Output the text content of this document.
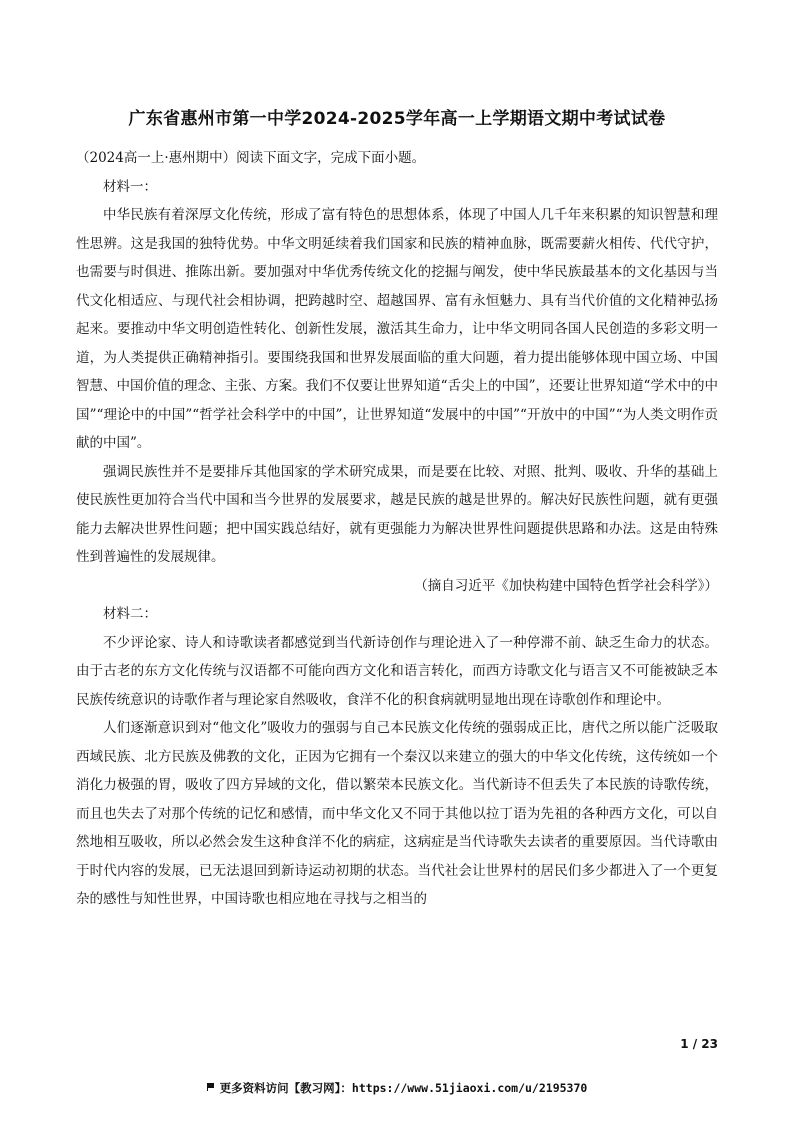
广东省惠州市第一中学2024-2025学年高一上学期语文期中考试试卷

（2024高一上·惠州期中）阅读下面文字，完成下面小题。

材料一：

中华民族有着深厚文化传统，形成了富有特色的思想体系，体现了中国人几千年来积累的知识智慧和理性思辨。这是我国的独特优势。中华文明延续着我们国家和民族的精神血脉，既需要薪火相传、代代守护，也需要与时俱进、推陈出新。要加强对中华优秀传统文化的挖掘与阐发，使中华民族最基本的文化基因与当代文化相适应、与现代社会相协调，把跨越时空、超越国界、富有永恒魅力、具有当代价值的文化精神弘扬起来。要推动中华文明创造性转化、创新性发展，激活其生命力，让中华文明同各国人民创造的多彩文明一道，为人类提供正确精神指引。要围绕我国和世界发展面临的重大问题，着力提出能够体现中国立场、中国智慧、中国价值的理念、主张、方案。我们不仅要让世界知道“舌尖上的中国”，还要让世界知道“学术中的中国”“理论中的中国”“哲学社会科学中的中国”，让世界知道“发展中的中国”“开放中的中国”“为人类文明作贡献的中国”。

强调民族性并不是要排斥其他国家的学术研究成果，而是要在比较、对照、批判、吸收、升华的基础上使民族性更加符合当代中国和当今世界的发展要求，越是民族的越是世界的。解决好民族性问题，就有更强能力去解决世界性问题；把中国实践总结好，就有更强能力为解决世界性问题提供思路和办法。这是由特殊性到普遍性的发展规律。

（摘自习近平《加快构建中国特色哲学社会科学》）

材料二：

不少评论家、诗人和诗歌读者都感觉到当代新诗创作与理论进入了一种停滞不前、缺乏生命力的状态。由于古老的东方文化传统与汉语都不可能向西方文化和语言转化，而西方诗歌文化与语言又不可能被缺乏本民族传统意识的诗歌作者与理论家自然吸收，食洋不化的积食病就明显地出现在诗歌创作和理论中。

人们逐渐意识到对“他文化”吸收力的强弱与自己本民族文化传统的强弱成正比，唐代之所以能广泛吸取西域民族、北方民族及佛教的文化，正因为它拥有一个秦汉以来建立的强大的中华文化传统，这传统如一个消化力极强的胃，吸收了四方异域的文化，借以繁荣本民族文化。当代新诗不但丢失了本民族的诗歌传统，而且也失去了对那个传统的记忆和感情，而中华文化又不同于其他以拉丁语为先祖的各种西方文化，可以自然地相互吸收，所以必然会发生这种食洋不化的病症，这病症是当代诗歌失去读者的重要原因。当代诗歌由于时代内容的发展，已无法退回到新诗运动初期的状态。当代社会让世界村的居民们多少都进入了一个更复杂的感性与知性世界，中国诗歌也相应地在寻找与之相当的

1 / 23
更多资料访问【教习网】：https://www.51jiaoxi.com/u/2195370
